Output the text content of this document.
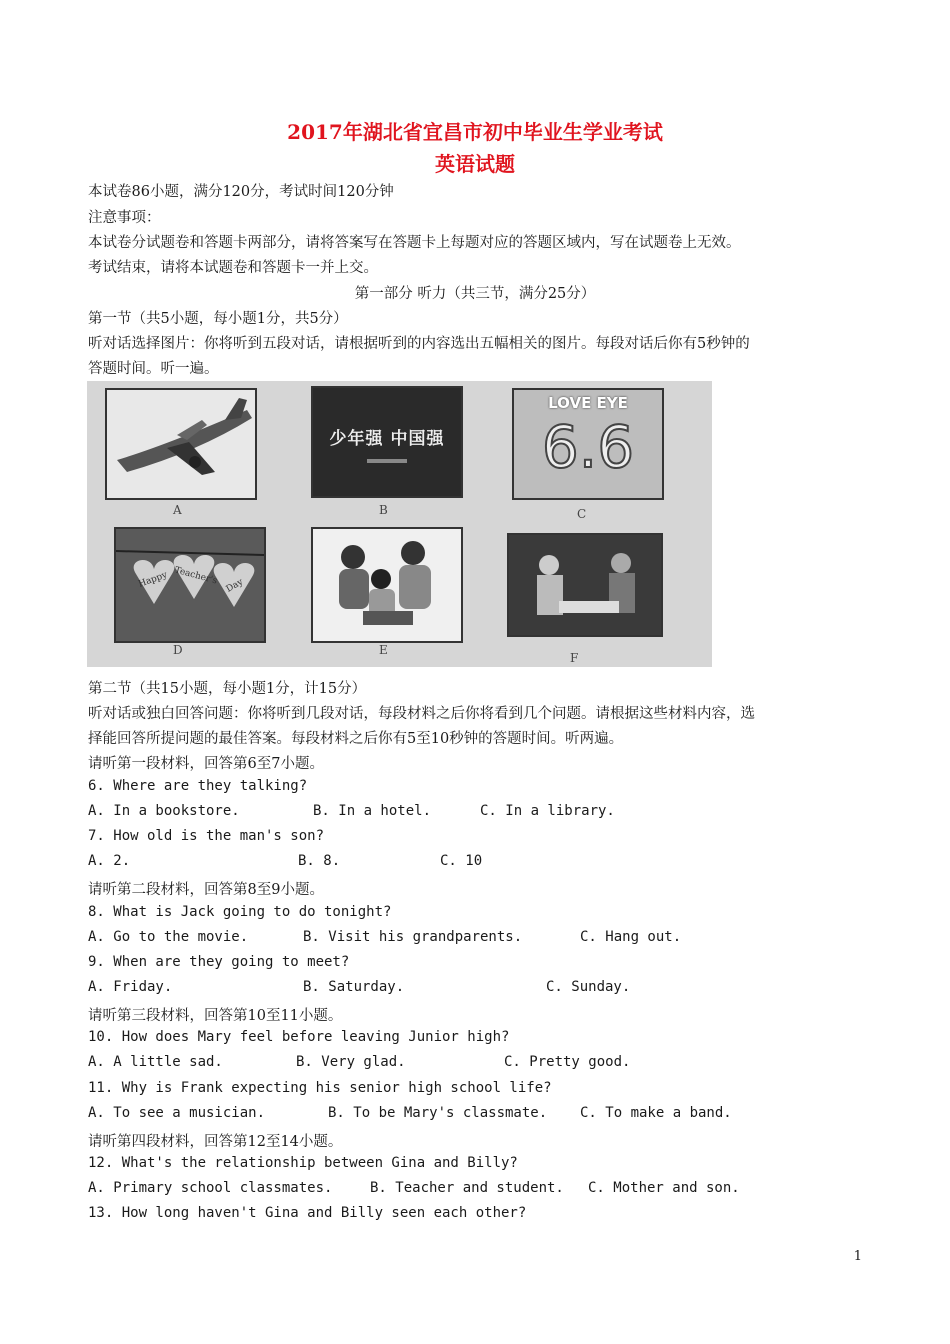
2017年湖北省宜昌市初中毕业生学业考试
英语试题
本试卷86小题，满分120分，考试时间120分钟
注意事项：
本试卷分试题卷和答题卡两部分，请将答案写在答题卡上每题对应的答题区域内，写在试题卷上无效。
考试结束，请将本试题卷和答题卡一并上交。
第一部分 听力（共三节，满分25分）
第一节（共5小题，每小题1分，共5分）
听对话选择图片：你将听到五段对话，请根据听到的内容选出五幅相关的图片。每段对话后你有5秒钟的
答题时间。听一遍。
A
少年强 中国强
B
LOVE EYE
6.6
C
Happy Teacher's Day
D	E
F
第二节（共15小题，每小题1分，计15分）
听对话或独白回答问题：你将听到几段对话，每段材料之后你将看到几个问题。请根据这些材料内容，选
择能回答所提问题的最佳答案。每段材料之后你有5至10秒钟的答题时间。听两遍。
请听第一段材料，回答第6至7小题。
6. Where are they talking?
A. In a bookstore.	B. In a hotel.	C. In a library.
7. How old is the man's son?
A. 2.	B. 8.	C. 10
请听第二段材料，回答第8至9小题。
8. What is Jack going to do tonight?
A. Go to the movie.	B. Visit his grandparents.	C. Hang out.
9. When are they going to meet?
A. Friday.	B. Saturday.	C. Sunday.
请听第三段材料，回答第10至11小题。
10. How does Mary feel before leaving Junior high?
A. A little sad.	B. Very glad.	C. Pretty good.
11. Why is Frank expecting his senior high school life?
A. To see a musician.	B. To be Mary's classmate. C. To make a band.
请听第四段材料，回答第12至14小题。
12. What's the relationship between Gina and Billy?
A. Primary school classmates.	B. Teacher and student. C. Mother and son.
13. How long haven't Gina and Billy seen each other?
1
